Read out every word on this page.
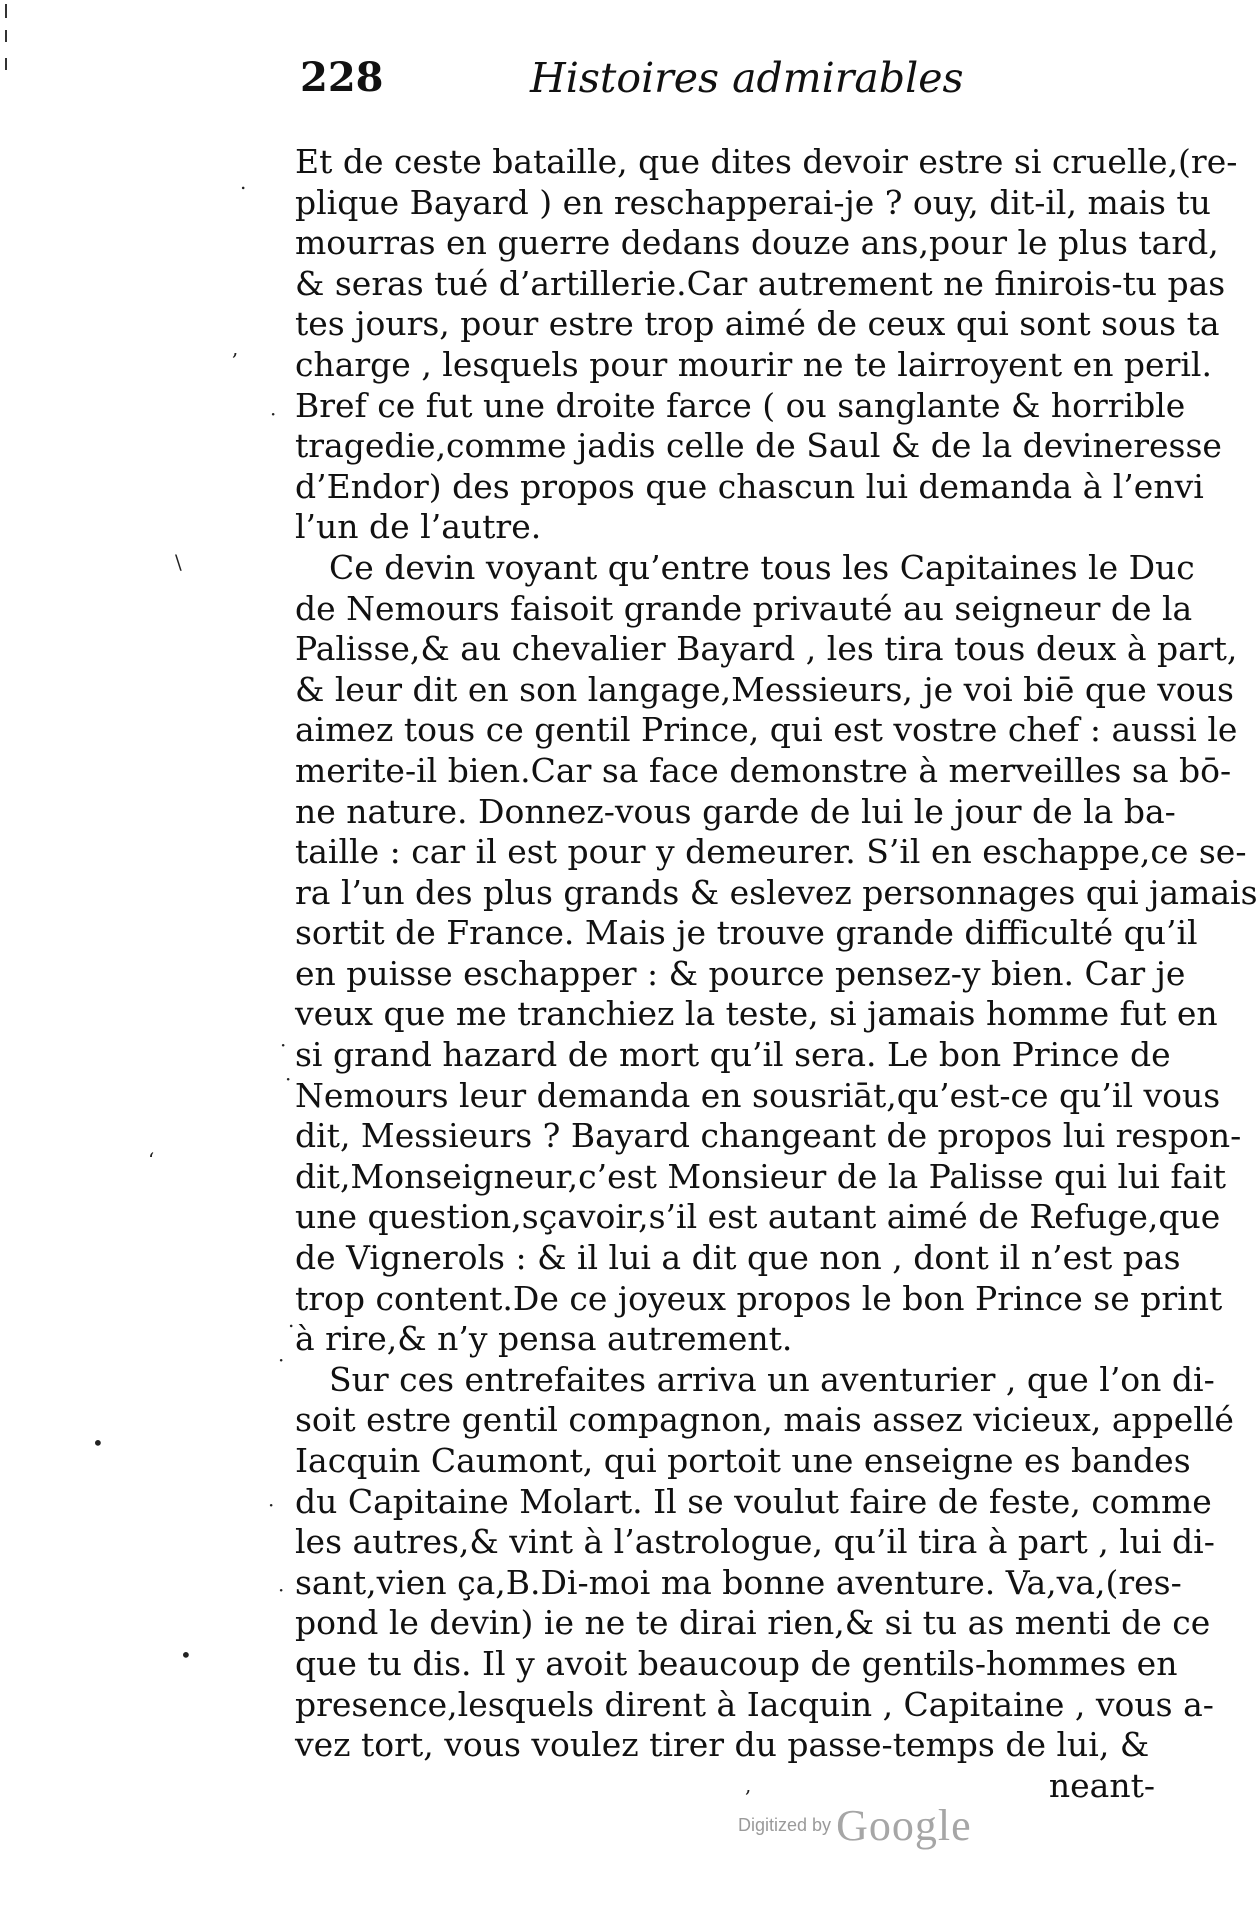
228	Histoires admirables
.
,
·
\
·
·
‘
.
·
•
·
·
•
,
Et de ceste bataille, que dites devoir estre si cruelle,(re-
plique Bayard ) en reschapperai-je ? ouy, dit-il, mais tu
mourras en guerre dedans douze ans,pour le plus tard,
& seras tué d’artillerie.Car autrement ne finirois-tu pas
tes jours, pour estre trop aimé de ceux qui sont sous ta
charge , lesquels pour mourir ne te lairroyent en peril.
Bref ce fut une droite farce ( ou sanglante & horrible
tragedie,comme jadis celle de Saul & de la devineresse
d’Endor) des propos que chascun lui demanda à l’envi
l’un de l’autre.
Ce devin voyant qu’entre tous les Capitaines le Duc
de Nemours faisoit grande privauté au seigneur de la
Palisse,& au chevalier Bayard , les tira tous deux à part,
& leur dit en son langage,Messieurs, je voi biē que vous
aimez tous ce gentil Prince, qui est vostre chef : aussi le
merite-il bien.Car sa face demonstre à merveilles sa bō-
ne nature. Donnez-vous garde de lui le jour de la ba-
taille : car il est pour y demeurer. S’il en eschappe,ce se-
ra l’un des plus grands & eslevez personnages qui jamais
sortit de France. Mais je trouve grande difficulté qu’il
en puisse eschapper : & pource pensez-y bien. Car je
veux que me tranchiez la teste, si jamais homme fut en
si grand hazard de mort qu’il sera. Le bon Prince de
Nemours leur demanda en sousriāt,qu’est-ce qu’il vous
dit, Messieurs ? Bayard changeant de propos lui respon-
dit,Monseigneur,c’est Monsieur de la Palisse qui lui fait
une question,sçavoir,s’il est autant aimé de Refuge,que
de Vignerols : & il lui a dit que non , dont il n’est pas
trop content.De ce joyeux propos le bon Prince se print
à rire,& n’y pensa autrement.
Sur ces entrefaites arriva un aventurier , que l’on di-
soit estre gentil compagnon, mais assez vicieux, appellé
Iacquin Caumont, qui portoit une enseigne es bandes
du Capitaine Molart. Il se voulut faire de feste, comme
les autres,& vint à l’astrologue, qu’il tira à part , lui di-
sant,vien ça,B.Di-moi ma bonne aventure. Va,va,(res-
pond le devin) ie ne te dirai rien,& si tu as menti de ce
que tu dis. Il y avoit beaucoup de gentils-hommes en
presence,lesquels dirent à Iacquin , Capitaine , vous a-
vez tort, vous voulez tirer du passe-temps de lui, &
neant-
Digitized by Google
